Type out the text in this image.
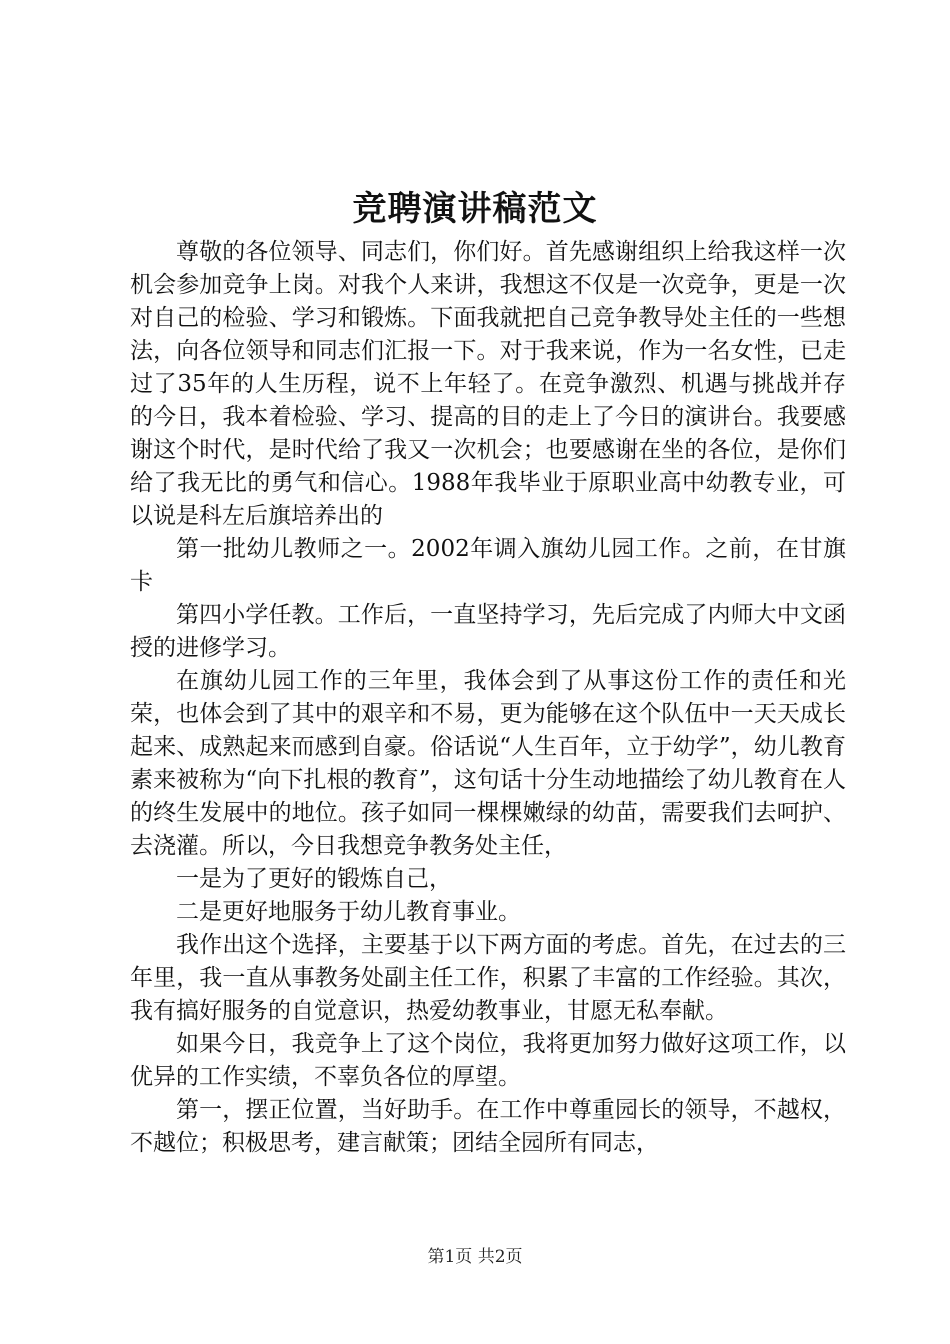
竞聘演讲稿范文

尊敬的各位领导、同志们，你们好。首先感谢组织上给我这样一次机会参加竞争上岗。对我个人来讲，我想这不仅是一次竞争，更是一次对自己的检验、学习和锻炼。下面我就把自己竞争教导处主任的一些想法，向各位领导和同志们汇报一下。对于我来说，作为一名女性，已走过了35年的人生历程，说不上年轻了。在竞争激烈、机遇与挑战并存的今日，我本着检验、学习、提高的目的走上了今日的演讲台。我要感谢这个时代，是时代给了我又一次机会；也要感谢在坐的各位，是你们给了我无比的勇气和信心。1988年我毕业于原职业高中幼教专业，可以说是科左后旗培养出的

第一批幼儿教师之一。2002年调入旗幼儿园工作。之前，在甘旗卡

第四小学任教。工作后，一直坚持学习，先后完成了内师大中文函授的进修学习。

在旗幼儿园工作的三年里，我体会到了从事这份工作的责任和光荣，也体会到了其中的艰辛和不易，更为能够在这个队伍中一天天成长起来、成熟起来而感到自豪。俗话说“人生百年，立于幼学”，幼儿教育素来被称为“向下扎根的教育”，这句话十分生动地描绘了幼儿教育在人的终生发展中的地位。孩子如同一棵棵嫩绿的幼苗，需要我们去呵护、去浇灌。所以，今日我想竞争教务处主任，

一是为了更好的锻炼自己，

二是更好地服务于幼儿教育事业。

我作出这个选择，主要基于以下两方面的考虑。首先，在过去的三年里，我一直从事教务处副主任工作，积累了丰富的工作经验。其次，我有搞好服务的自觉意识，热爱幼教事业，甘愿无私奉献。

如果今日，我竞争上了这个岗位，我将更加努力做好这项工作，以优异的工作实绩，不辜负各位的厚望。

第一，摆正位置，当好助手。在工作中尊重园长的领导，不越权，不越位；积极思考，建言献策；团结全园所有同志，

第1页 共2页
